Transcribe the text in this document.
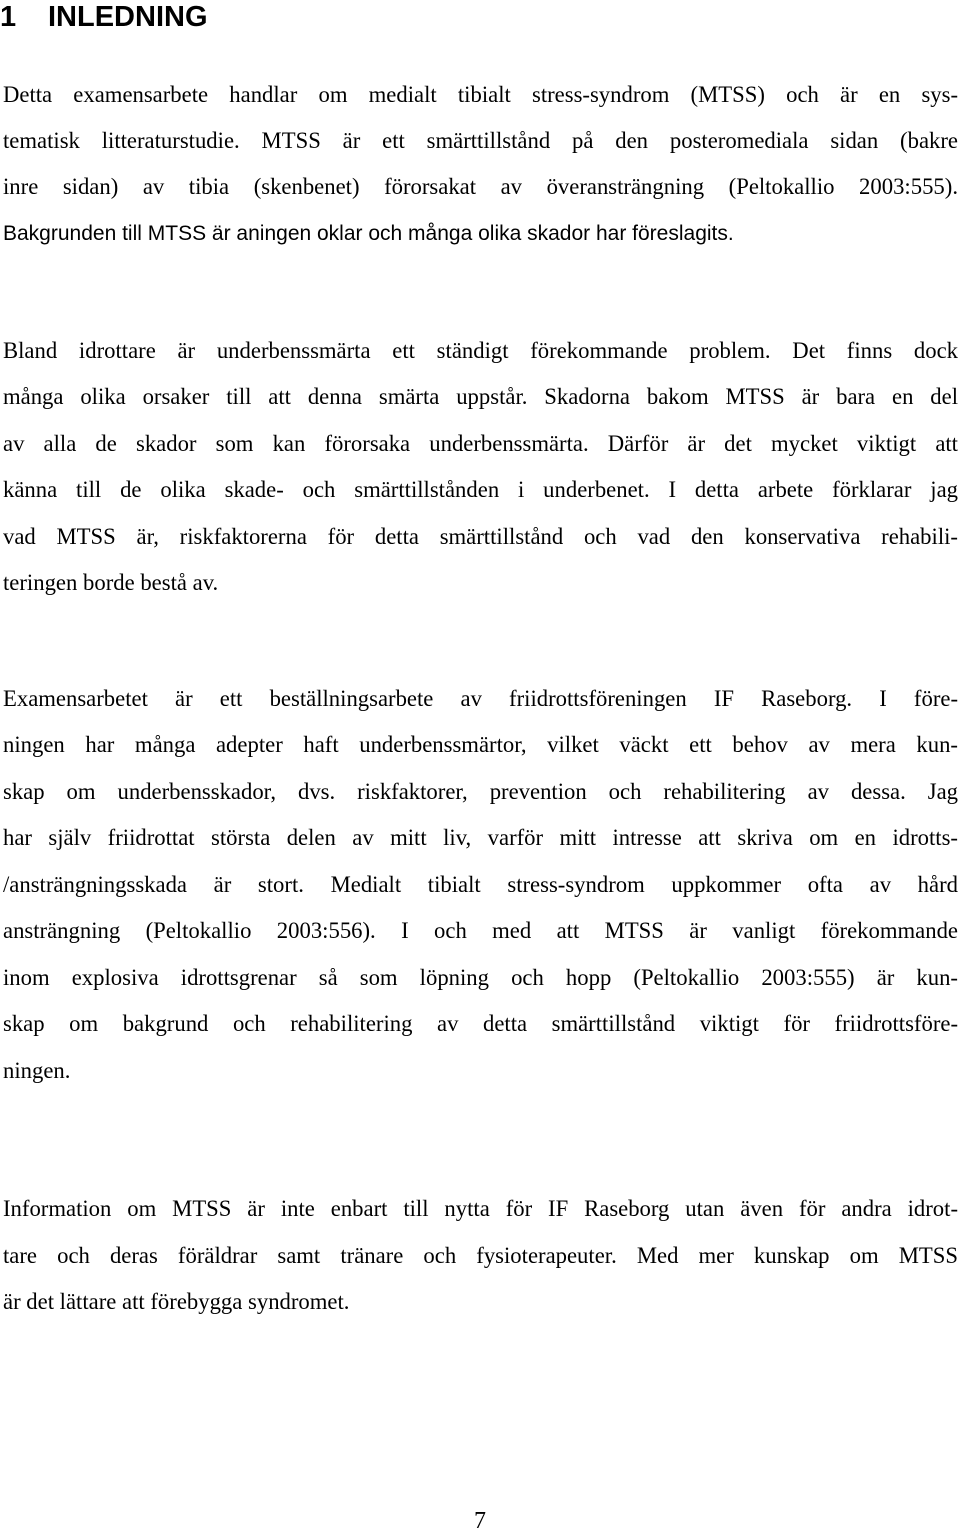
1 INLEDNING
Detta examensarbete handlar om medialt tibialt stress-syndrom (MTSS) och är en sys-
tematisk litteraturstudie. MTSS är ett smärttillstånd på den posteromediala sidan (bakre
inre sidan) av tibia (skenbenet) förorsakat av överansträngning (Peltokallio 2003:555).
Bakgrunden till MTSS är aningen oklar och många olika skador har föreslagits.
Bland idrottare är underbenssmärta ett ständigt förekommande problem. Det finns dock
många olika orsaker till att denna smärta uppstår. Skadorna bakom MTSS är bara en del
av alla de skador som kan förorsaka underbenssmärta. Därför är det mycket viktigt att
känna till de olika skade- och smärttillstånden i underbenet. I detta arbete förklarar jag
vad MTSS är, riskfaktorerna för detta smärttillstånd och vad den konservativa rehabili-
teringen borde bestå av.
Examensarbetet är ett beställningsarbete av friidrottsföreningen IF Raseborg. I före-
ningen har många adepter haft underbenssmärtor, vilket väckt ett behov av mera kun-
skap om underbensskador, dvs. riskfaktorer, prevention och rehabilitering av dessa. Jag
har själv friidrottat största delen av mitt liv, varför mitt intresse att skriva om en idrotts-
/ansträngningsskada är stort. Medialt tibialt stress-syndrom uppkommer ofta av hård
ansträngning (Peltokallio 2003:556). I och med att MTSS är vanligt förekommande
inom explosiva idrottsgrenar så som löpning och hopp (Peltokallio 2003:555) är kun-
skap om bakgrund och rehabilitering av detta smärttillstånd viktigt för friidrottsföre-
ningen.
Information om MTSS är inte enbart till nytta för IF Raseborg utan även för andra idrot-
tare och deras föräldrar samt tränare och fysioterapeuter. Med mer kunskap om MTSS
är det lättare att förebygga syndromet.
7
